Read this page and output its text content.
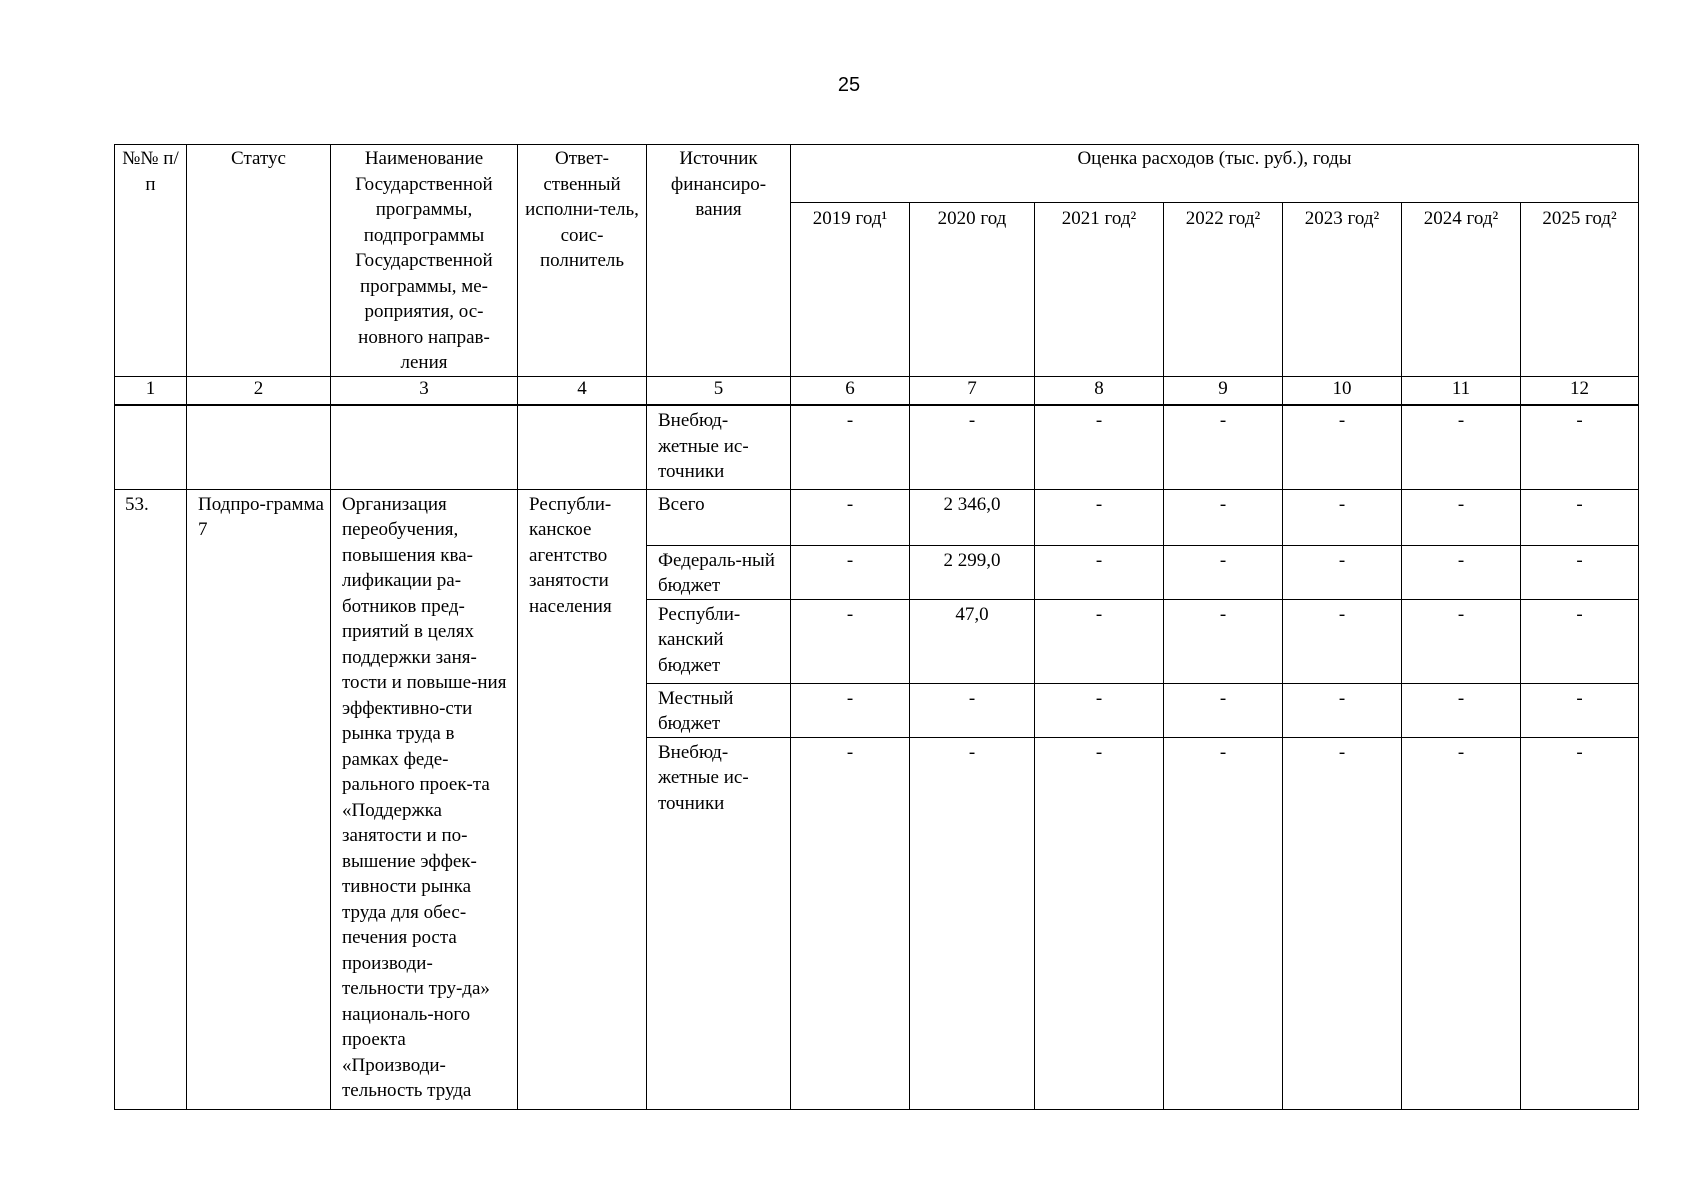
25
№№ п/п	Статус	Наименование Государственной программы, подпрограммы Государственной программы, ме-роприятия, ос-новного направ-ления	Ответ-ственный исполни-тель, соис-полнитель	Источник финансиро-вания	Оценка расходов (тыс. руб.), годы						
					2019 год¹	2020 год	2021 год²	2022 год²	2023 год²	2024 год²	2025 год²
1	2	3	4	5	6	7	8	9	10	11	12
				Внебюд-жетные ис-точники	-	-	-	-	-	-	-
53.	Подпро-грамма 7	Организация переобучения, повышения ква-лификации ра-ботников пред-приятий в целях поддержки заня-тости и повыше-ния эффективно-сти рынка труда в рамках феде-рального проек-та «Поддержка занятости и по-вышение эффек-тивности рынка труда для обес-печения роста производи-тельности тру-да» националь-ного проекта «Производи-тельность труда	Республи-канское агентство занятости населения	Всего	-	2 346,0	-	-	-	-	-
				Федераль-ный бюджет	-	2 299,0	-	-	-	-	-
				Республи-канский бюджет	-	47,0	-	-	-	-	-
				Местный бюджет	-	-	-	-	-	-	-
				Внебюд-жетные ис-точники	-	-	-	-	-	-	-
